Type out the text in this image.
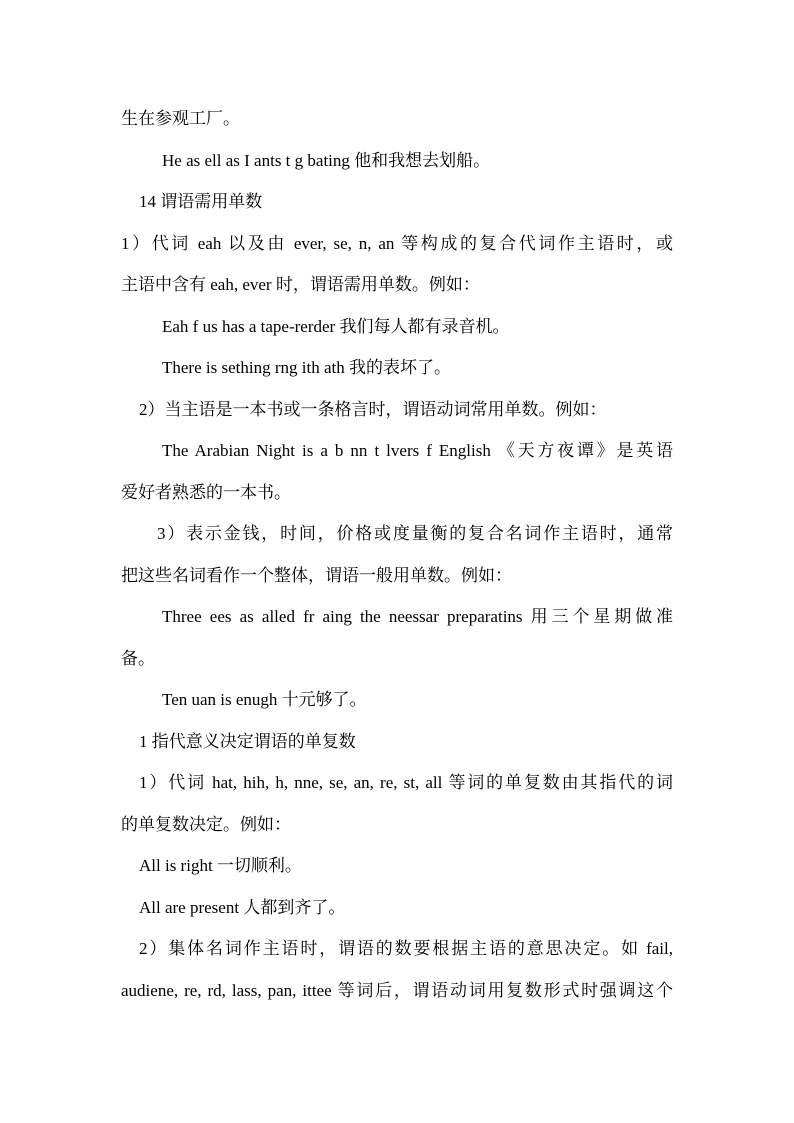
生在参观工厂。
He as ell as I ants t g bating 他和我想去划船。
14 谓语需用单数
1）代词 eah 以及由 ever, se, n, an 等构成的复合代词作主语时，或
主语中含有 eah, ever 时，谓语需用单数。例如：
Eah f us has a tape-rerder 我们每人都有录音机。
There is sething rng ith ath 我的表坏了。
2）当主语是一本书或一条格言时，谓语动词常用单数。例如：
The Arabian Night is a b nn t lvers f English 《天方夜谭》是英语
爱好者熟悉的一本书。
3）表示金钱，时间，价格或度量衡的复合名词作主语时，通常
把这些名词看作一个整体，谓语一般用单数。例如：
Three ees as alled fr aing the neessar preparatins 用三个星期做准
备。
Ten uan is enugh 十元够了。
1 指代意义决定谓语的单复数
1）代词 hat, hih, h, nne, se, an, re, st, all 等词的单复数由其指代的词
的单复数决定。例如：
All is right 一切顺利。
All are present 人都到齐了。
2）集体名词作主语时，谓语的数要根据主语的意思决定。如 fail,
audiene, re, rd, lass, pan, ittee 等词后，谓语动词用复数形式时强调这个
